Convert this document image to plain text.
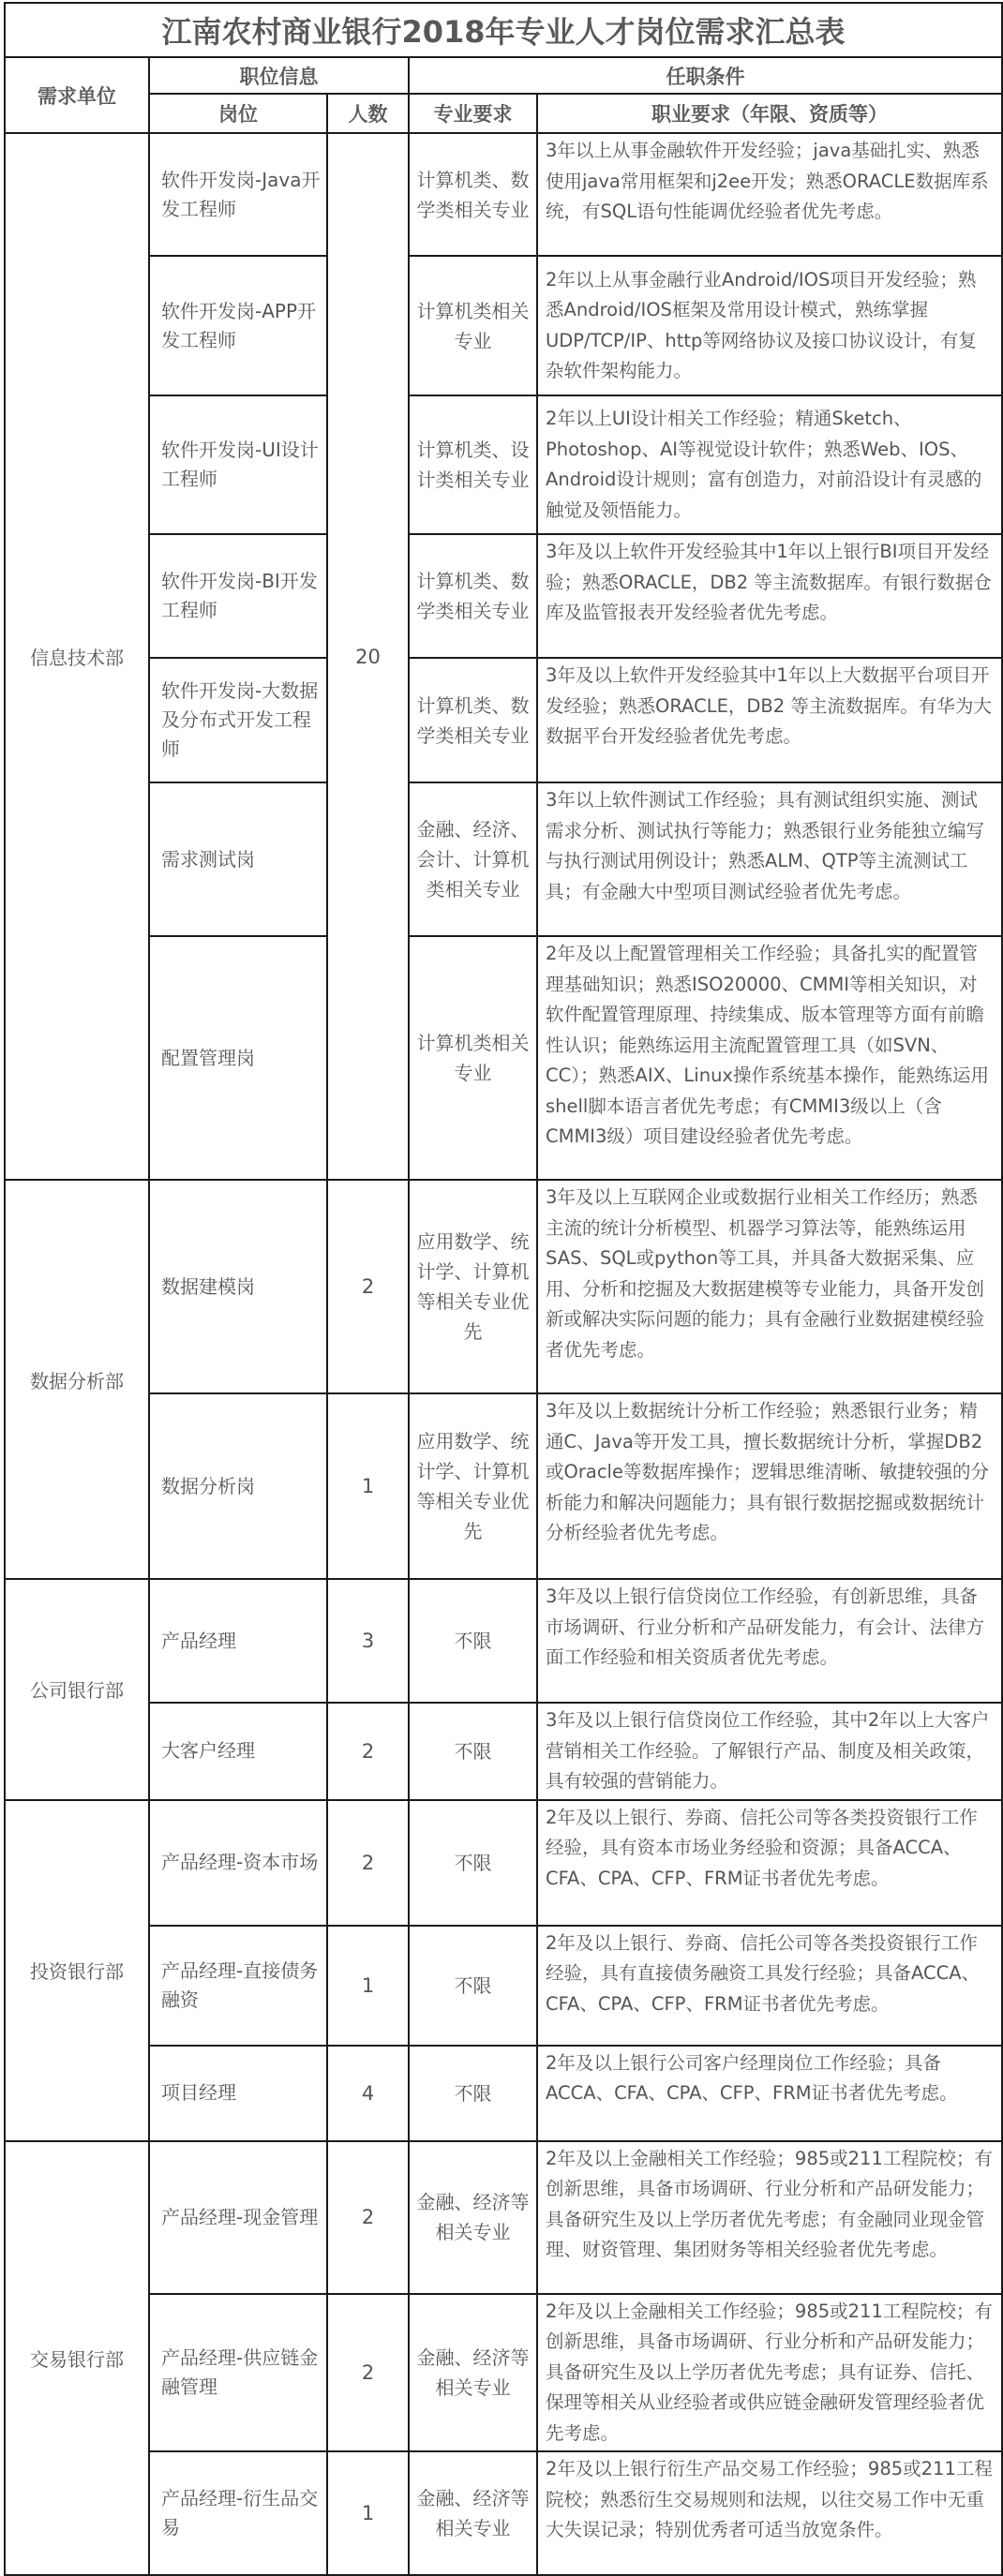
江南农村商业银行2018年专业人才岗位需求汇总表				
需求单位	职位信息		任职条件	
	岗位	人数	专业要求	职业要求（年限、资质等）
信息技术部	软件开发岗-Java开发工程师	20	计算机类、数学类相关专业	3年以上从事金融软件开发经验；java基础扎实、熟悉使用java常用框架和j2ee开发；熟悉ORACLE数据库系统，有SQL语句性能调优经验者优先考虑。
	软件开发岗-APP开发工程师		计算机类相关专业	2年以上从事金融行业Android/IOS项目开发经验；熟悉Android/IOS框架及常用设计模式，熟练掌握UDP/TCP/IP、http等网络协议及接口协议设计，有复杂软件架构能力。
	软件开发岗-UI设计工程师		计算机类、设计类相关专业	2年以上UI设计相关工作经验；精通Sketch、Photoshop、AI等视觉设计软件；熟悉Web、IOS、Android设计规则；富有创造力，对前沿设计有灵感的触觉及领悟能力。
	软件开发岗-BI开发工程师		计算机类、数学类相关专业	3年及以上软件开发经验其中1年以上银行BI项目开发经验；熟悉ORACLE，DB2 等主流数据库。有银行数据仓库及监管报表开发经验者优先考虑。
	软件开发岗-大数据及分布式开发工程师		计算机类、数学类相关专业	3年及以上软件开发经验其中1年以上大数据平台项目开发经验；熟悉ORACLE，DB2 等主流数据库。有华为大数据平台开发经验者优先考虑。
	需求测试岗		金融、经济、会计、计算机类相关专业	3年以上软件测试工作经验；具有测试组织实施、测试需求分析、测试执行等能力；熟悉银行业务能独立编写与执行测试用例设计；熟悉ALM、QTP等主流测试工具；有金融大中型项目测试经验者优先考虑。
	配置管理岗		计算机类相关专业	2年及以上配置管理相关工作经验；具备扎实的配置管理基础知识；熟悉ISO20000、CMMI等相关知识，对软件配置管理原理、持续集成、版本管理等方面有前瞻性认识；能熟练运用主流配置管理工具（如SVN、CC）；熟悉AIX、Linux操作系统基本操作，能熟练运用shell脚本语言者优先考虑；有CMMI3级以上（含CMMI3级）项目建设经验者优先考虑。
数据分析部	数据建模岗	2	应用数学、统计学、计算机等相关专业优先	3年及以上互联网企业或数据行业相关工作经历；熟悉主流的统计分析模型、机器学习算法等，能熟练运用SAS、SQL或python等工具，并具备大数据采集、应用、分析和挖掘及大数据建模等专业能力，具备开发创新或解决实际问题的能力；具有金融行业数据建模经验者优先考虑。
	数据分析岗	1	应用数学、统计学、计算机等相关专业优先	3年及以上数据统计分析工作经验；熟悉银行业务；精通C、Java等开发工具，擅长数据统计分析，掌握DB2或Oracle等数据库操作；逻辑思维清晰、敏捷较强的分析能力和解决问题能力；具有银行数据挖掘或数据统计分析经验者优先考虑。
公司银行部	产品经理	3	不限	3年及以上银行信贷岗位工作经验，有创新思维，具备市场调研、行业分析和产品研发能力，有会计、法律方面工作经验和相关资质者优先考虑。
	大客户经理	2	不限	3年及以上银行信贷岗位工作经验，其中2年以上大客户营销相关工作经验。了解银行产品、制度及相关政策，具有较强的营销能力。
投资银行部	产品经理-资本市场	2	不限	2年及以上银行、券商、信托公司等各类投资银行工作经验，具有资本市场业务经验和资源；具备ACCA、CFA、CPA、CFP、FRM证书者优先考虑。
	产品经理-直接债务融资	1	不限	2年及以上银行、券商、信托公司等各类投资银行工作经验，具有直接债务融资工具发行经验；具备ACCA、CFA、CPA、CFP、FRM证书者优先考虑。
	项目经理	4	不限	2年及以上银行公司客户经理岗位工作经验；具备ACCA、CFA、CPA、CFP、FRM证书者优先考虑。
交易银行部	产品经理-现金管理	2	金融、经济等相关专业	2年及以上金融相关工作经验；985或211工程院校；有创新思维，具备市场调研、行业分析和产品研发能力；具备研究生及以上学历者优先考虑；有金融同业现金管理、财资管理、集团财务等相关经验者优先考虑。
	产品经理-供应链金融管理	2	金融、经济等相关专业	2年及以上金融相关工作经验；985或211工程院校；有创新思维，具备市场调研、行业分析和产品研发能力；具备研究生及以上学历者优先考虑；具有证券、信托、保理等相关从业经验者或供应链金融研发管理经验者优先考虑。
	产品经理-衍生品交易	1	金融、经济等相关专业	2年及以上银行衍生产品交易工作经验；985或211工程院校；熟悉衍生交易规则和法规，以往交易工作中无重大失误记录；特别优秀者可适当放宽条件。
